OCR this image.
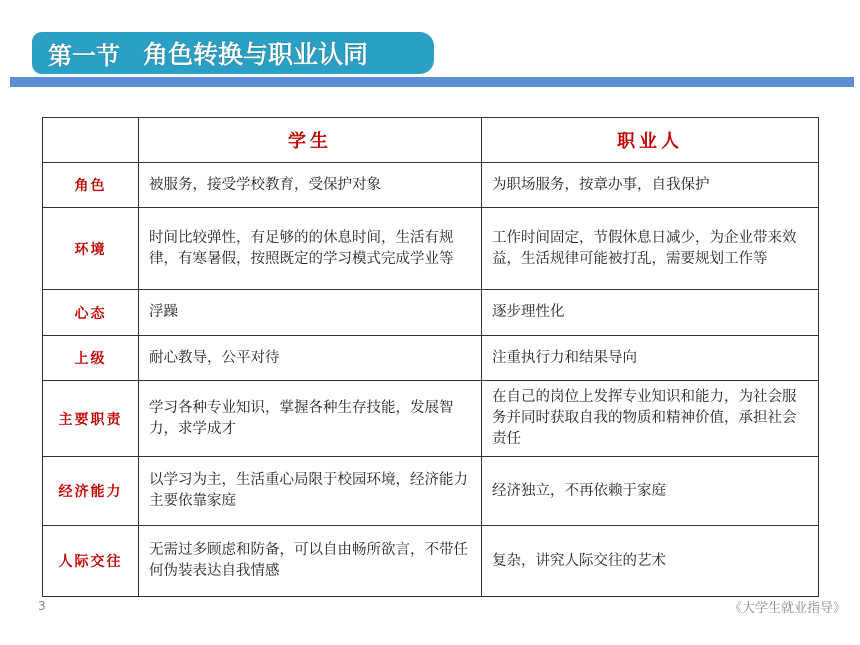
第一节 角色转换与职业认同
	学生	职业人
角色	被服务，接受学校教育，受保护对象	为职场服务，按章办事，自我保护
环境	时间比较弹性，有足够的的休息时间，生活有规律，有寒暑假，按照既定的学习模式完成学业等	工作时间固定，节假休息日减少，为企业带来效益，生活规律可能被打乱，需要规划工作等
心态	浮躁	逐步理性化
上级	耐心教导，公平对待	注重执行力和结果导向
主要职责	学习各种专业知识，掌握各种生存技能，发展智力，求学成才	在自己的岗位上发挥专业知识和能力，为社会服务并同时获取自我的物质和精神价值，承担社会责任
经济能力	以学习为主，生活重心局限于校园环境，经济能力主要依靠家庭	经济独立，不再依赖于家庭
人际交往	无需过多顾虑和防备，可以自由畅所欲言，不带任何伪装表达自我情感	复杂，讲究人际交往的艺术
3	《大学生就业指导》
